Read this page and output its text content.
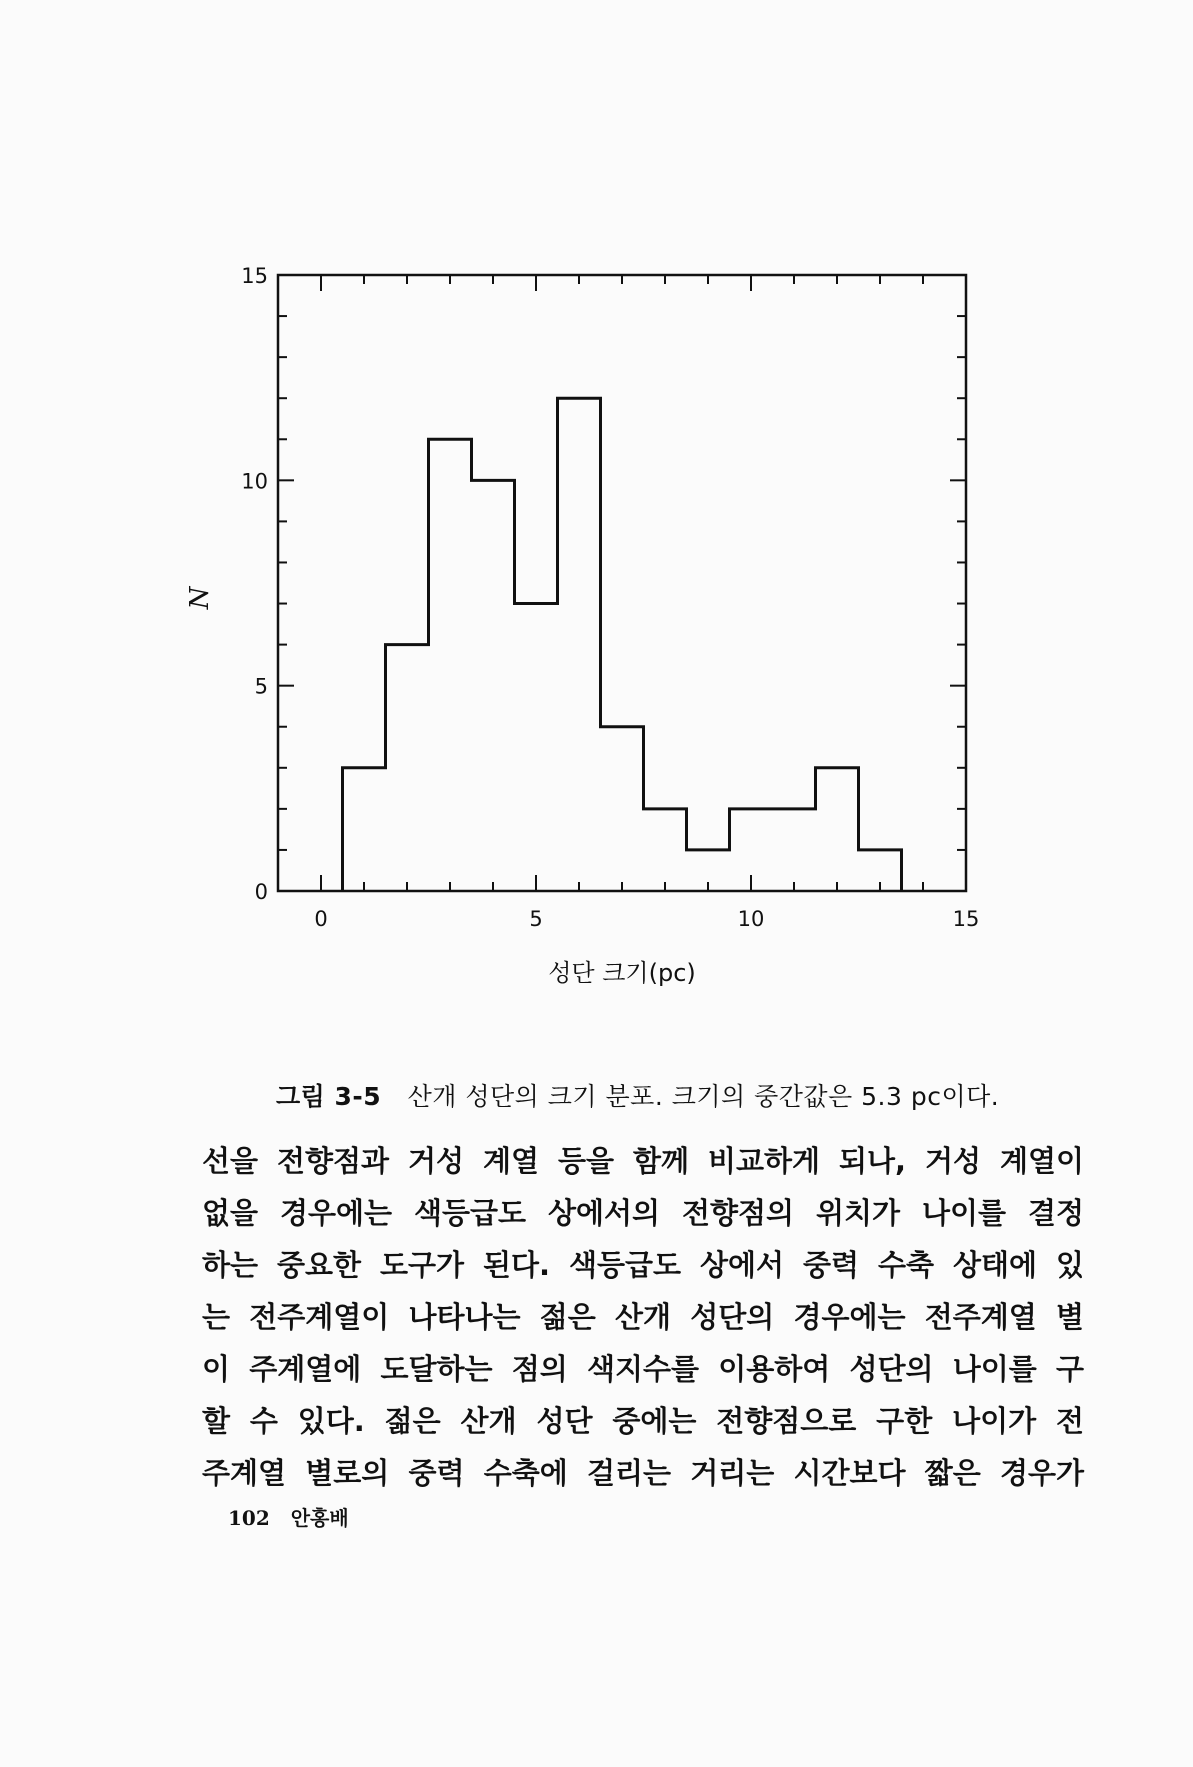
0	5	10	15
0
5
10
15
성단 크기(pc)
N
그림 3-5 산개 성단의 크기 분포. 크기의 중간값은 5.3 pc이다.
선을 전향점과 거성 계열 등을 함께 비교하게 되나, 거성 계열이
없을 경우에는 색등급도 상에서의 전향점의 위치가 나이를 결정
하는 중요한 도구가 된다. 색등급도 상에서 중력 수축 상태에 있
는 전주계열이 나타나는 젊은 산개 성단의 경우에는 전주계열 별
이 주계열에 도달하는 점의 색지수를 이용하여 성단의 나이를 구
할 수 있다. 젊은 산개 성단 중에는 전향점으로 구한 나이가 전
주계열 별로의 중력 수축에 걸리는 거리는 시간보다 짧은 경우가
102 안홍배
